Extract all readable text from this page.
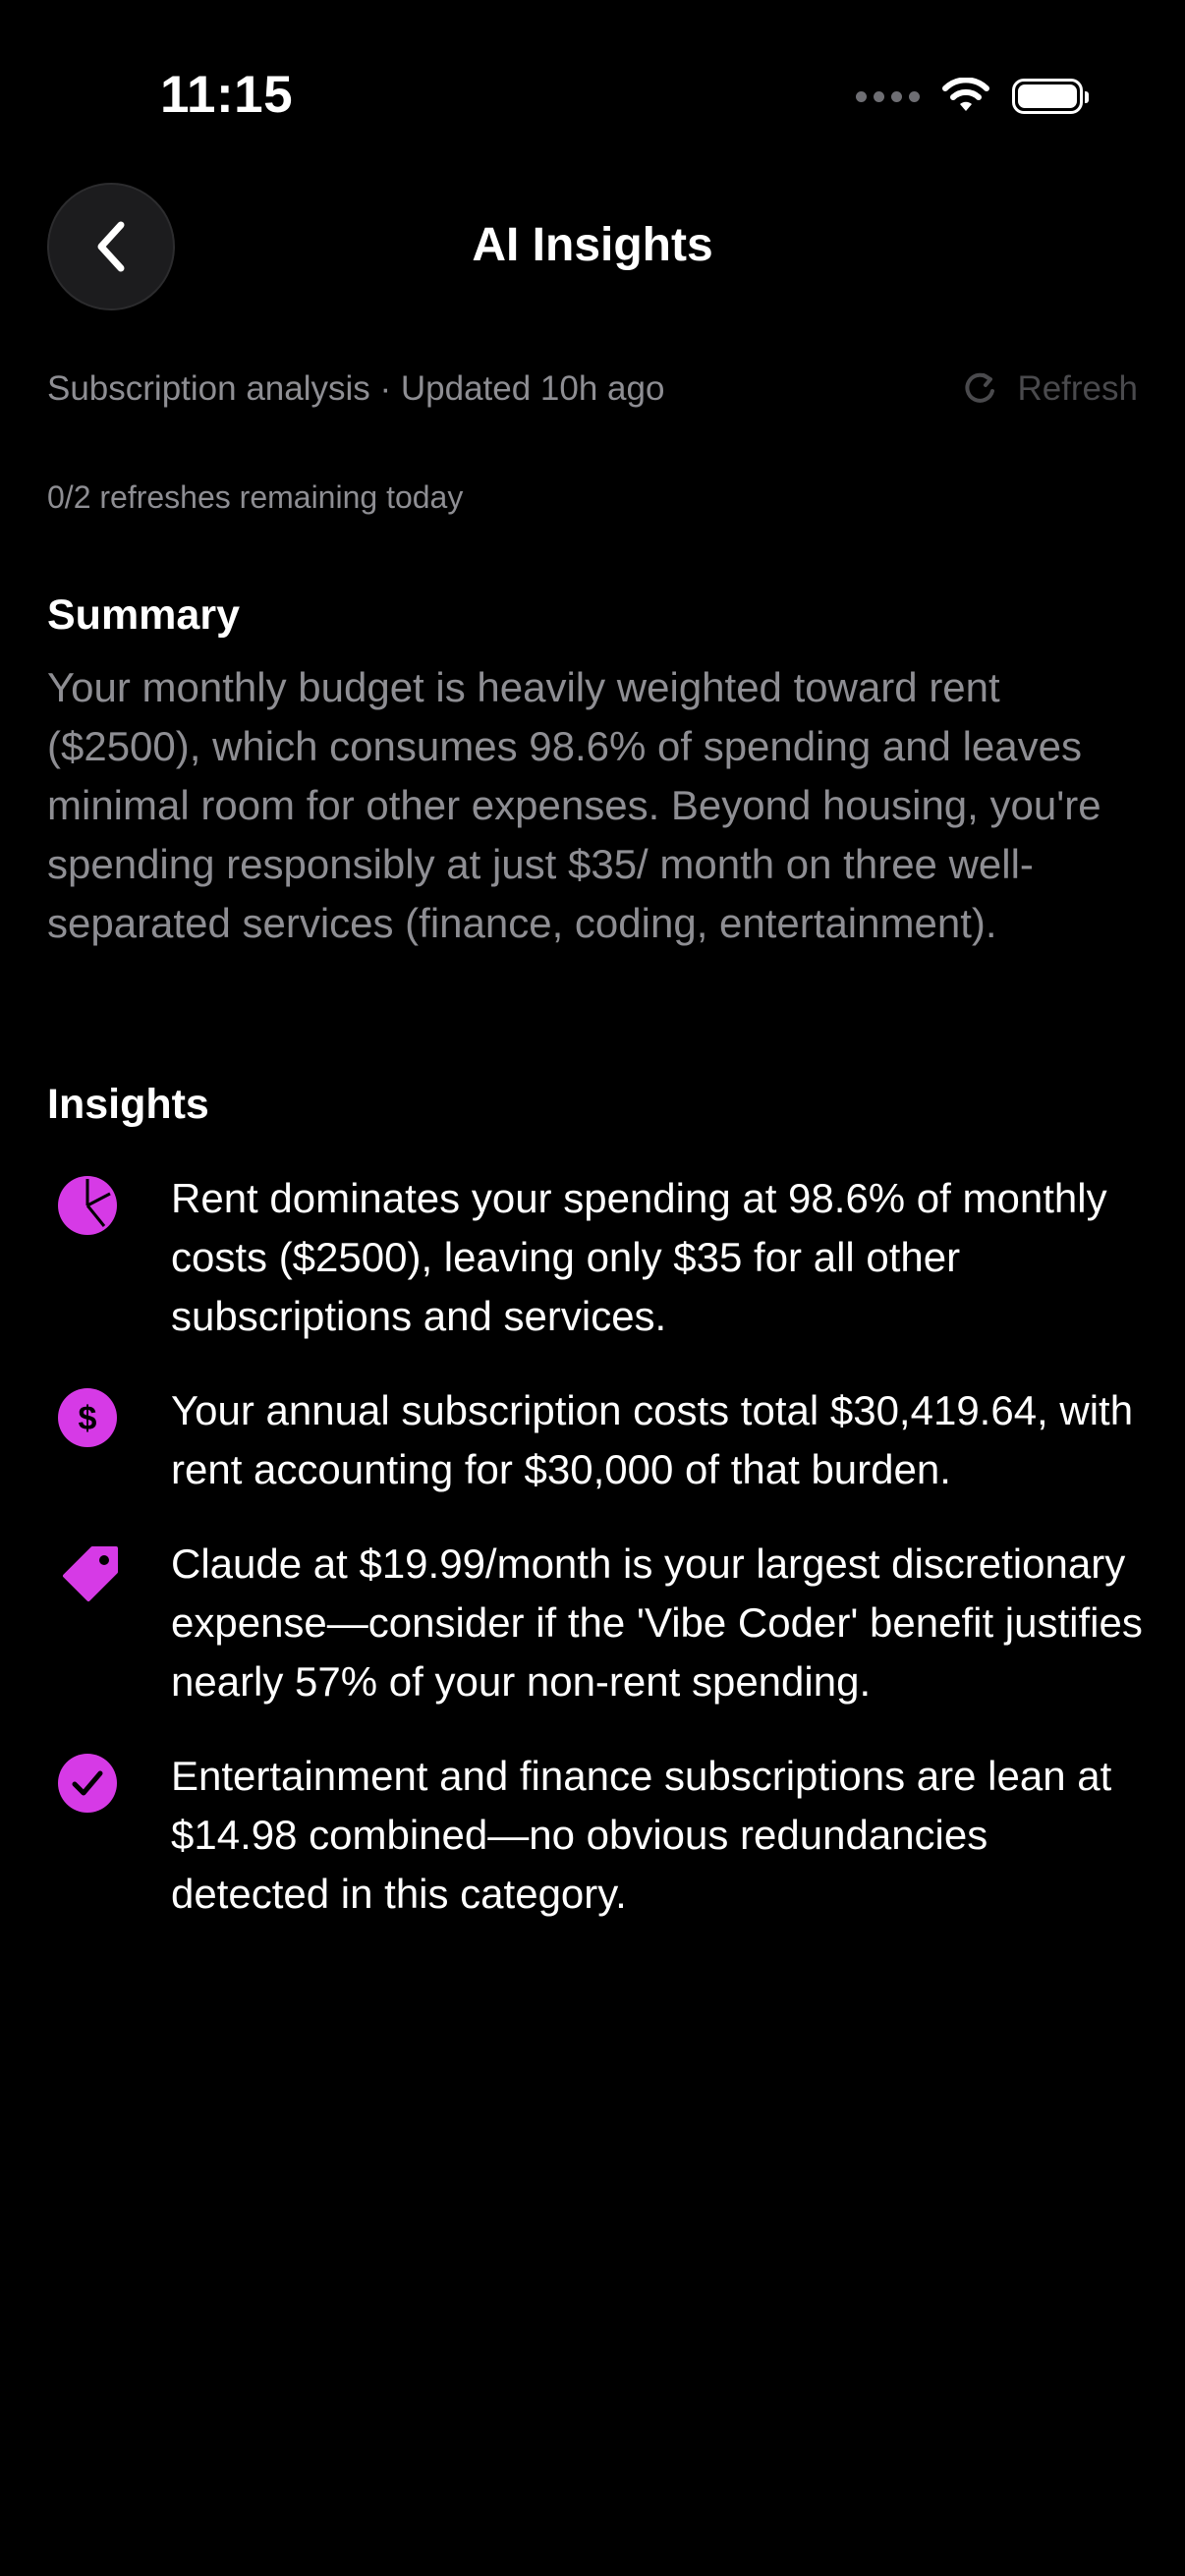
11:15
AI Insights
Subscription analysis · Updated 10h ago	Refresh
0/2 refreshes remaining today
Summary
Your monthly budget is heavily weighted toward rent ($2500), which consumes 98.6% of spending and leaves minimal room for other expenses. Beyond housing, you're spending responsibly at just $35/ month on three well-separated services (finance, coding, entertainment).
Insights
Rent dominates your spending at 98.6% of monthly costs ($2500), leaving only $35 for all other subscriptions and services.
$ Your annual subscription costs total $30,419.64, with rent accounting for $30,000 of that burden.
Claude at $19.99/month is your largest discretionary expense—consider if the 'Vibe Coder' benefit justifies nearly 57% of your non-rent spending.
Entertainment and finance subscriptions are lean at $14.98 combined—no obvious redundancies detected in this category.
